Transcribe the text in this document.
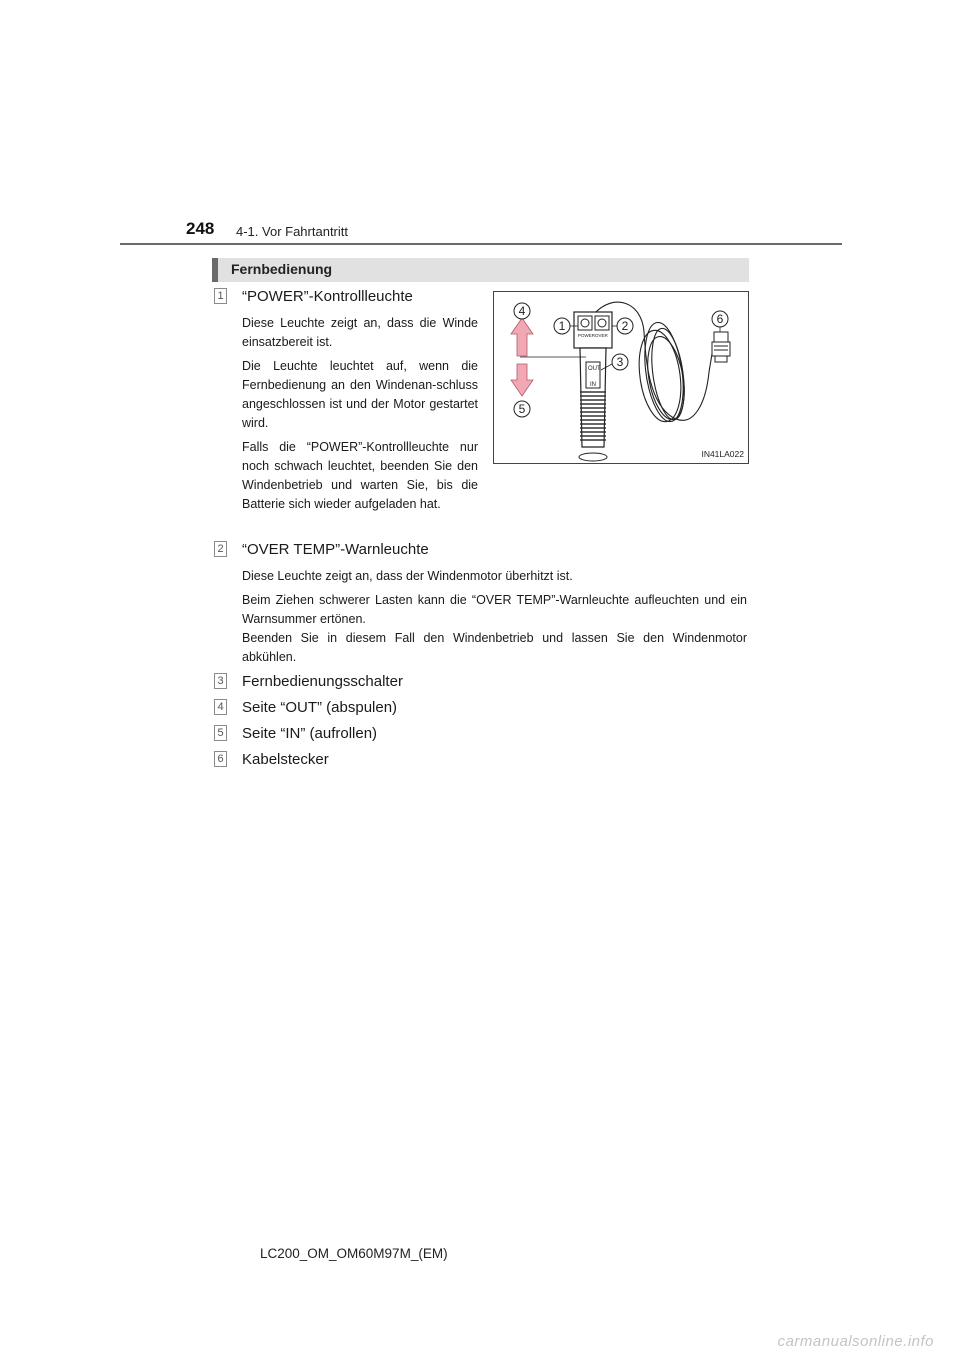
248 4-1. Vor Fahrtantritt
Fernbedienung
1 “POWER”-Kontrollleuchte

Diese Leuchte zeigt an, dass die Winde einsatzbereit ist.

Die Leuchte leuchtet auf, wenn die Fernbedienung an den Windenan-schluss angeschlossen ist und der Motor gestartet wird.

Falls die “POWER”-Kontrollleuchte nur noch schwach leuchtet, beenden Sie den Windenbetrieb und warten Sie, bis die Batterie sich wieder aufgeladen hat.

POWER OVER
OUT
IN
4
1	2
3
5
6
IN41LA022
2 “OVER TEMP”-Warnleuchte

Diese Leuchte zeigt an, dass der Windenmotor überhitzt ist.

Beim Ziehen schwerer Lasten kann die “OVER TEMP”-Warnleuchte aufleuchten und ein Warnsummer ertönen.

Beenden Sie in diesem Fall den Windenbetrieb und lassen Sie den Windenmotor abkühlen.

3 Fernbedienungsschalter
4 Seite “OUT” (abspulen)
5 Seite “IN” (aufrollen)
6 Kabelstecker
LC200_OM_OM60M97M_(EM)
carmanualsonline.info
